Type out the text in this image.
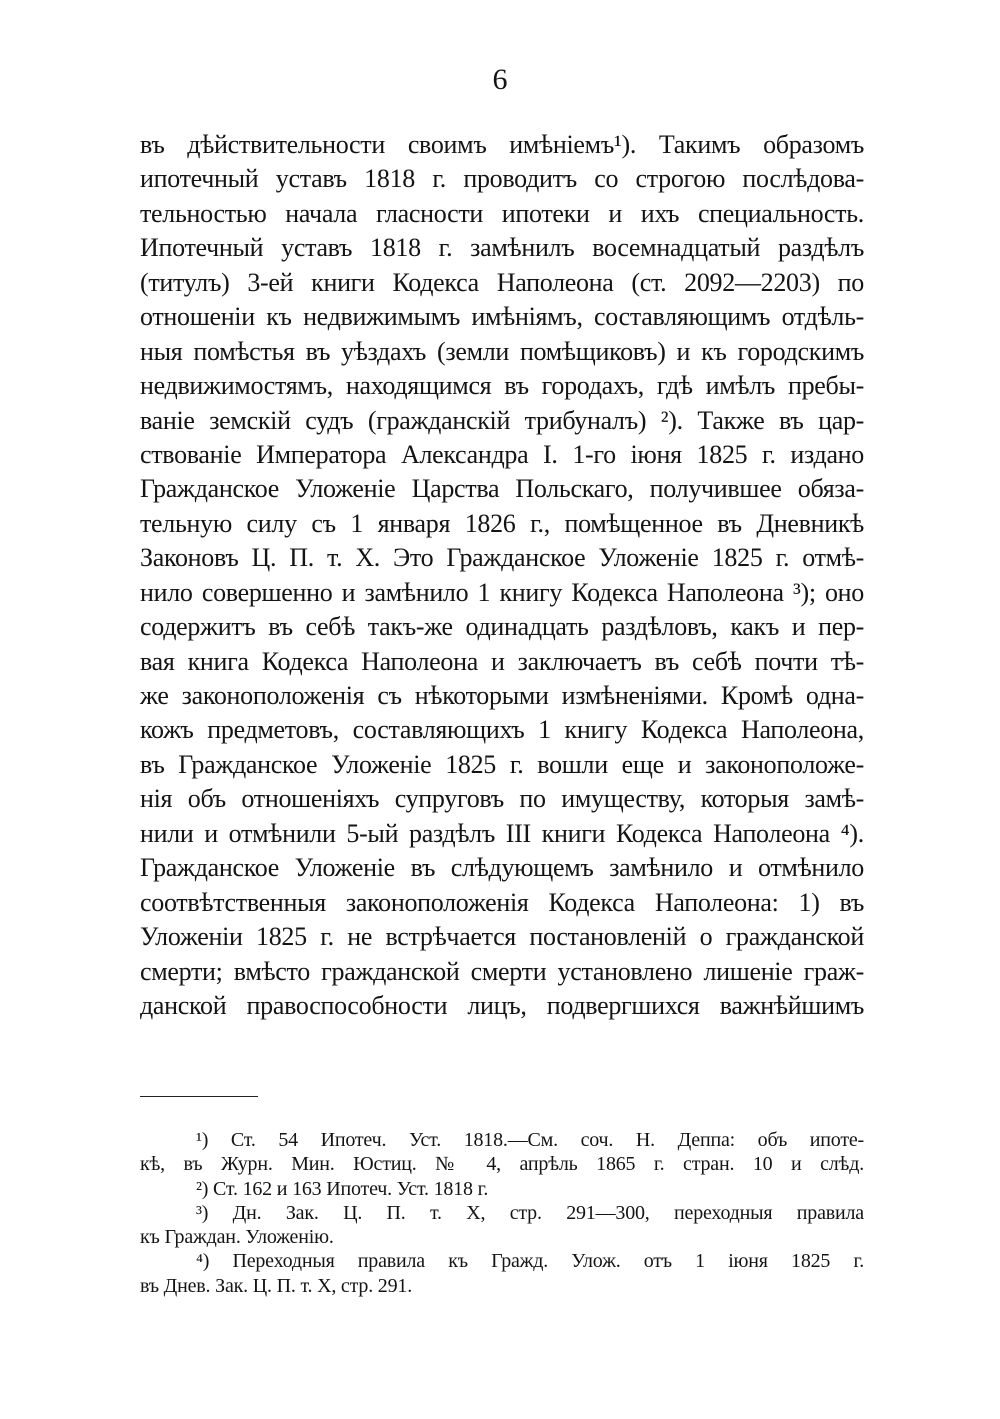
6
въ дѣйствительности своимъ имѣніемъ¹). Такимъ образомъ
ипотечный уставъ 1818 г. проводитъ со строгою послѣдова-
тельностью начала гласности ипотеки и ихъ специальность.
Ипотечный уставъ 1818 г. замѣнилъ восемнадцатый раздѣлъ
(титулъ) 3-ей книги Кодекса Наполеона (ст. 2092—2203) по
отношеніи къ недвижимымъ имѣніямъ, составляющимъ отдѣль-
ныя помѣстья въ уѣздахъ (земли помѣщиковъ) и къ городскимъ
недвижимостямъ, находящимся въ городахъ, гдѣ имѣлъ пребы-
ваніе земскій судъ (гражданскій трибуналъ) ²). Также въ цар-
ствованіе Императора Александра I. 1-го іюня 1825 г. издано
Гражданское Уложеніе Царства Польскаго, получившее обяза-
тельную силу съ 1 января 1826 г., помѣщенное въ Дневникѣ
Законовъ Ц. П. т. X. Это Гражданское Уложеніе 1825 г. отмѣ-
нило совершенно и замѣнило 1 книгу Кодекса Наполеона ³); оно
содержитъ въ себѣ такъ-же одинадцать раздѣловъ, какъ и пер-
вая книга Кодекса Наполеона и заключаетъ въ себѣ почти тѣ-
же законоположенія съ нѣкоторыми измѣненіями. Кромѣ одна-
кожъ предметовъ, составляющихъ 1 книгу Кодекса Наполеона,
въ Гражданское Уложеніе 1825 г. вошли еще и законоположе-
нія объ отношеніяхъ супруговъ по имуществу, которыя замѣ-
нили и отмѣнили 5-ый раздѣлъ III книги Кодекса Наполеона ⁴).
Гражданское Уложеніе въ слѣдующемъ замѣнило и отмѣнило
соотвѣтственныя законоположенія Кодекса Наполеона: 1) въ
Уложеніи 1825 г. не встрѣчается постановленій о гражданской
смерти; вмѣсто гражданской смерти установлено лишеніе граж-
данской правоспособности лицъ, подвергшихся важнѣйшимъ
¹) Ст. 54 Ипотеч. Уст. 1818.—См. соч. Н. Деппа: объ ипоте-
кѣ, въ Журн. Мин. Юстиц. № 4, апрѣль 1865 г. стран. 10 и слѣд.
²) Ст. 162 и 163 Ипотеч. Уст. 1818 г.
³) Дн. Зак. Ц. П. т. X, стр. 291—300, переходныя правила
къ Граждан. Уложенію.
⁴) Переходныя правила къ Гражд. Улож. отъ 1 іюня 1825 г.
въ Днев. Зак. Ц. П. т. X, стр. 291.
